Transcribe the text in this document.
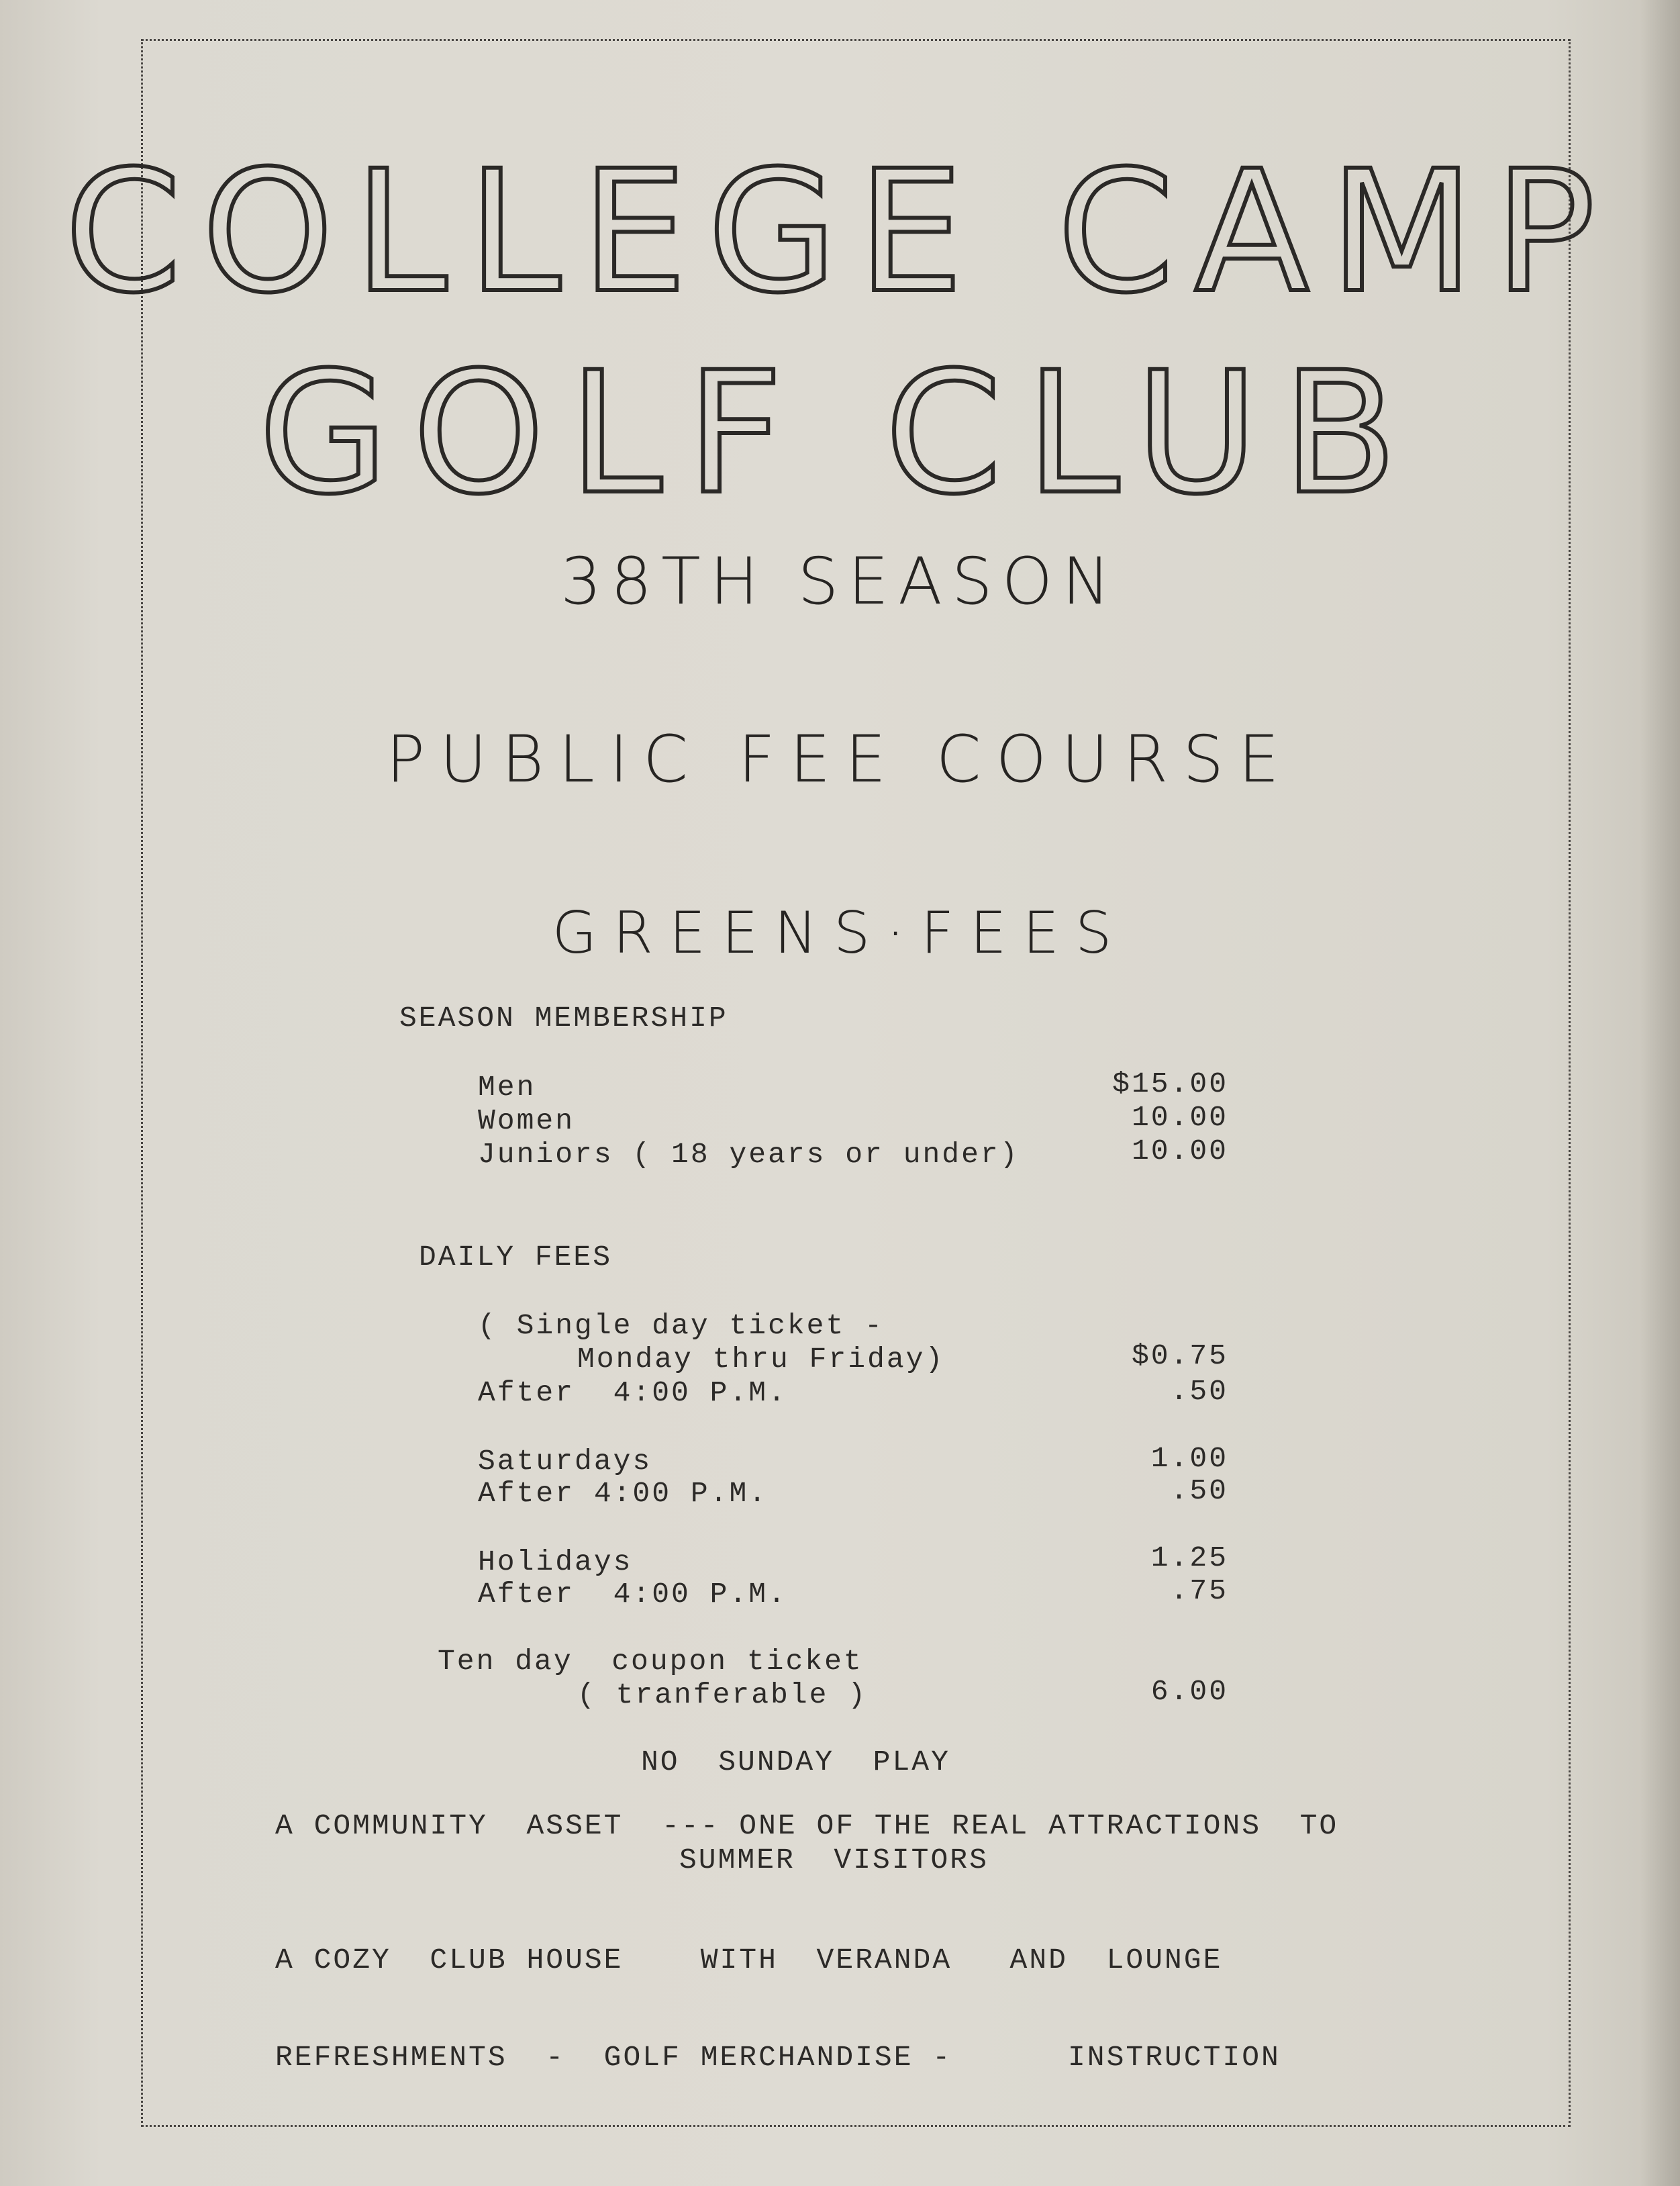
COLLEGE CAMP
GOLF CLUB
38TH SEASON
PUBLIC FEE COURSE
GREENS·FEES
SEASON MEMBERSHIP
Men	$15.00
Women	10.00
Juniors ( 18 years or under)	10.00
DAILY FEES
( Single day ticket -
Monday thru Friday)	$0.75
After  4:00 P.M.	.50
Saturdays	1.00
After 4:00 P.M.	.50
Holidays	1.25
After  4:00 P.M.	.75
Ten day  coupon ticket
( tranferable )	6.00
NO  SUNDAY  PLAY
A COMMUNITY  ASSET  --- ONE OF THE REAL ATTRACTIONS  TO
SUMMER  VISITORS
A COZY  CLUB HOUSE    WITH  VERANDA   AND  LOUNGE
REFRESHMENTS  -  GOLF MERCHANDISE -      INSTRUCTION
